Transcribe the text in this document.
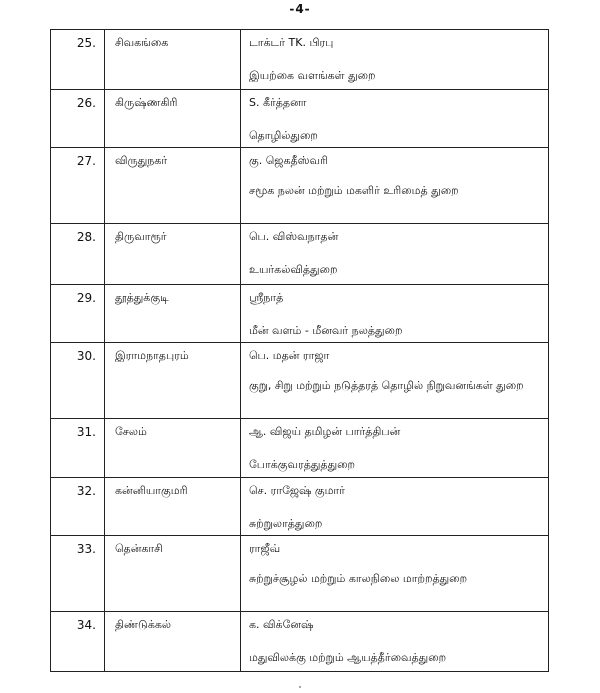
-4-
25.	சிவகங்கை	டாக்டர் TK. பிரபு
இயற்கை வளங்கள் துறை

26.	கிருஷ்ணகிரி	S. கீர்த்தனா
தொழில்துறை

27.	விருதுநகர்	கு. ஜெகதீஸ்வரி
சமூக நலன் மற்றும் மகளிர் உரிமைத் துறை

28.	திருவாரூர்	பெ. விஸ்வநாதன்
உயர்கல்வித்துறை

29.	தூத்துக்குடி	ஸ்ரீநாத்
மீன் வளம் - மீனவர் நலத்துறை

30.	இராமநாதபுரம்	பெ. மதன் ராஜா
குறு, சிறு மற்றும் நடுத்தரத் தொழில் நிறுவனங்கள் துறை

31.	சேலம்	ஆ. விஜய் தமிழன் பார்த்திபன்
போக்குவரத்துத்துறை

32.	கன்னியாகுமரி	செ. ராஜேஷ் குமார்
சுற்றுலாத்துறை

33.	தென்காசி	ராஜீவ்
சுற்றுச்சூழல் மற்றும் காலநிலை மாற்றத்துறை

34.	திண்டுக்கல்	க. விக்னேஷ்
மதுவிலக்கு மற்றும் ஆயத்தீர்வைத்துறை
